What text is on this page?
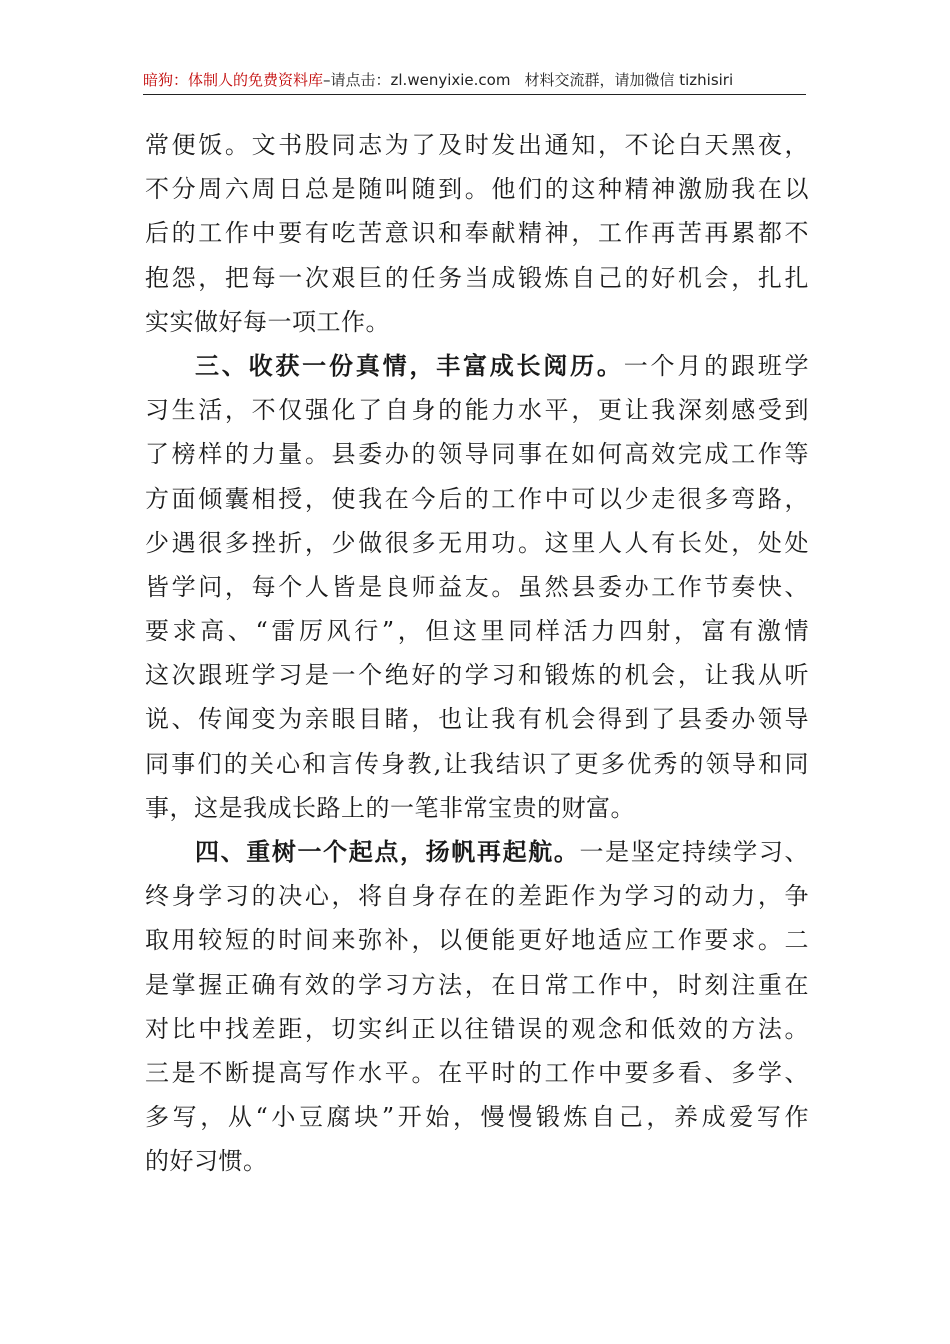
暗狗：体制人的免费资料库–请点击：zl.wenyixie.com 材料交流群，请加微信 tizhisiri
常便饭。文书股同志为了及时发出通知，不论白天黑夜，
不分周六周日总是随叫随到。他们的这种精神激励我在以
后的工作中要有吃苦意识和奉献精神，工作再苦再累都不
抱怨，把每一次艰巨的任务当成锻炼自己的好机会，扎扎
实实做好每一项工作。
三、收获一份真情，丰富成长阅历。一个月的跟班学
习生活，不仅强化了自身的能力水平，更让我深刻感受到
了榜样的力量。县委办的领导同事在如何高效完成工作等
方面倾囊相授，使我在今后的工作中可以少走很多弯路，
少遇很多挫折，少做很多无用功。这里人人有长处，处处
皆学问，每个人皆是良师益友。虽然县委办工作节奏快、
要求高、“雷厉风行”，但这里同样活力四射，富有激情
这次跟班学习是一个绝好的学习和锻炼的机会，让我从听
说、传闻变为亲眼目睹，也让我有机会得到了县委办领导
同事们的关心和言传身教,让我结识了更多优秀的领导和同
事，这是我成长路上的一笔非常宝贵的财富。
四、重树一个起点，扬帆再起航。一是坚定持续学习、
终身学习的决心，将自身存在的差距作为学习的动力，争
取用较短的时间来弥补，以便能更好地适应工作要求。二
是掌握正确有效的学习方法，在日常工作中，时刻注重在
对比中找差距，切实纠正以往错误的观念和低效的方法。
三是不断提高写作水平。在平时的工作中要多看、多学、
多写，从“小豆腐块”开始，慢慢锻炼自己，养成爱写作
的好习惯。
